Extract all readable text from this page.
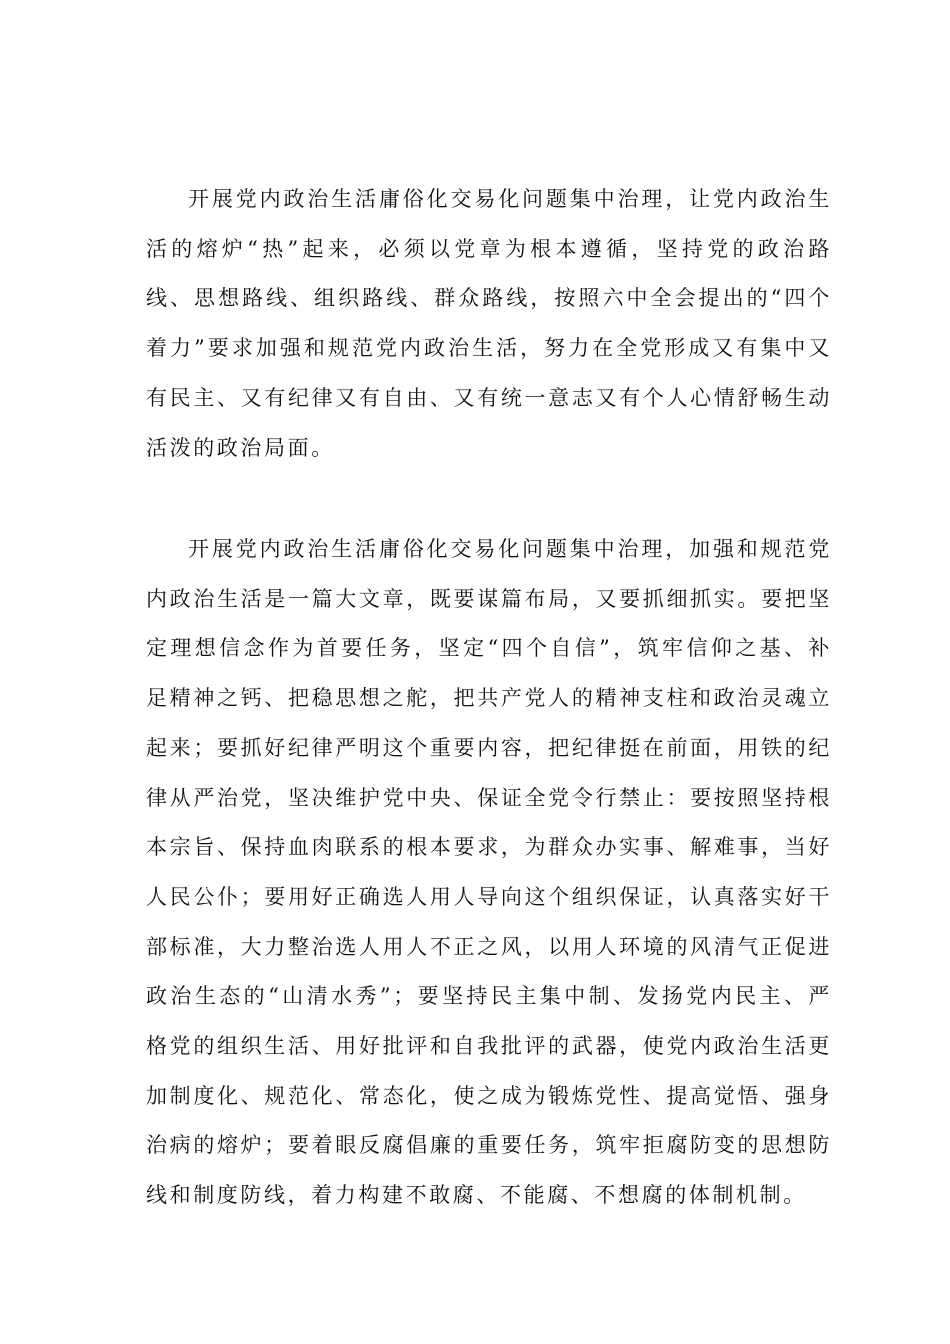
开展党内政治生活庸俗化交易化问题集中治理，让党内政治生活的熔炉“热”起来，必须以党章为根本遵循，坚持党的政治路线、思想路线、组织路线、群众路线，按照六中全会提出的“四个着力”要求加强和规范党内政治生活，努力在全党形成又有集中又有民主、又有纪律又有自由、又有统一意志又有个人心情舒畅生动活泼的政治局面。

开展党内政治生活庸俗化交易化问题集中治理，加强和规范党内政治生活是一篇大文章，既要谋篇布局，又要抓细抓实。要把坚定理想信念作为首要任务，坚定“四个自信”，筑牢信仰之基、补足精神之钙、把稳思想之舵，把共产党人的精神支柱和政治灵魂立起来；要抓好纪律严明这个重要内容，把纪律挺在前面，用铁的纪律从严治党，坚决维护党中央、保证全党令行禁止：要按照坚持根本宗旨、保持血肉联系的根本要求，为群众办实事、解难事，当好人民公仆；要用好正确选人用人导向这个组织保证，认真落实好干部标准，大力整治选人用人不正之风，以用人环境的风清气正促进政治生态的“山清水秀”；要坚持民主集中制、发扬党内民主、严格党的组织生活、用好批评和自我批评的武器，使党内政治生活更加制度化、规范化、常态化，使之成为锻炼党性、提高觉悟、强身治病的熔炉；要着眼反腐倡廉的重要任务，筑牢拒腐防变的思想防线和制度防线，着力构建不敢腐、不能腐、不想腐的体制机制。
